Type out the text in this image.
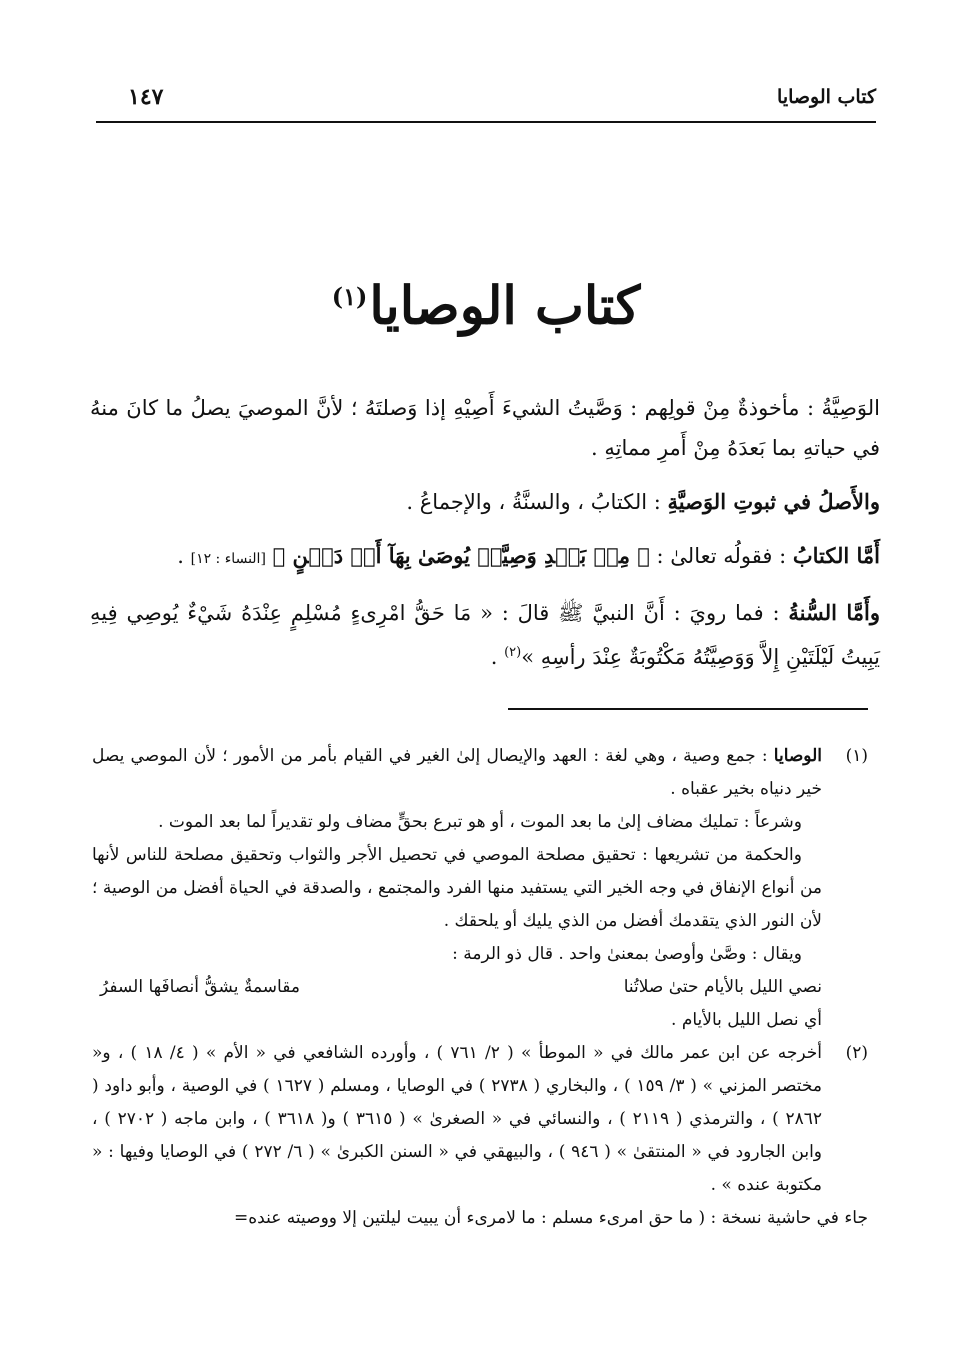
كتاب الوصايا
١٤٧
كتاب الوصايا$^{(١)}$

الوَصِيَّةُ : مأخوذةٌ مِنْ قولِهم : وَصَّيتُ الشيءَ أَصِيْهِ إذا وَصلتَهُ ؛ لأنَّ الموصيَ يصلُ ما كانَ منهُ في حياتهِ بما بَعدَهُ مِنْ أَمرِ مماتِهِ .

والأَصلُ في ثبوتِ الوَصيَّةِ : الكتابُ ، والسنَّةُ ، والإجماعُ .

أَمَّا الكتابُ : فقولُه تعالىٰ : ﴿ مِنۢ بَعۡدِ وَصِيَّةٖ يُوصَىٰ بِهَآ أَوۡ دَيۡنٍ ﴾ [النساء : ١٢] .

وأَمَّا السُّنةُ : فما رويَ : أَنَّ النبيَّ ﷺ قالَ : « مَا حَقُّ امْرِىءٍ مُسْلِمٍ عِنْدَهُ شَيْءٌ يُوصِي فِيهِ يَبِيتُ لَيْلَتَيْنِ إِلاَّ وَوَصِيَّتُهُ مَكْتُوبَةٌ عِنْدَ رأسِهِ »$^{(٢)}$ .

(١)

الوصايا : جمع وصية ، وهي لغة : العهد والإيصال إلىٰ الغير في القيام بأمر من الأمور ؛ لأن الموصي يصل خير دنياه بخير عقباه .

وشرعاً : تمليك مضاف إلىٰ ما بعد الموت ، أو هو تبرع بحقٍّ مضاف ولو تقديراً لما بعد الموت .

والحكمة من تشريعها : تحقيق مصلحة الموصي في تحصيل الأجر والثواب وتحقيق مصلحة للناس لأنها من أنواع الإنفاق في وجه الخير التي يستفيد منها الفرد والمجتمع ، والصدقة في الحياة أفضل من الوصية ؛ لأن النور الذي يتقدمك أفضل من الذي يليك أو يلحقك .

ويقال : وصَّىٰ وأوصىٰ بمعنىٰ واحد . قال ذو الرمة :

نصي الليل بالأيام حتىٰ صلاتُنا
مقاسمةٌ يشقُّ أنصافَها السفرُ

أي نصل الليل بالأيام .

(٢)

أخرجه عن ابن عمر مالك في « الموطأ » ( ٢/ ٧٦١ ) ، وأورده الشافعي في « الأم » ( ٤/ ١٨ ) ، و« مختصر المزني » ( ٣/ ١٥٩ ) ، والبخاري ( ٢٧٣٨ ) في الوصايا ، ومسلم ( ١٦٢٧ ) في الوصية ، وأبو داود ( ٢٨٦٢ ) ، والترمذي ( ٢١١٩ ) ، والنسائي في « الصغرىٰ » ( ٣٦١٥ ) و( ٣٦١٨ ) ، وابن ماجه ( ٢٧٠٢ ) ، وابن الجارود في « المنتقىٰ » ( ٩٤٦ ) ، والبيهقي في « السنن الكبرىٰ » ( ٦/ ٢٧٢ ) في الوصايا وفيها : « مكتوبة عنده » .

جاء في حاشية نسخة : ( ما حق امرىء مسلم : ما لامرىء أن يبيت ليلتين إلا ووصيته عنده=
